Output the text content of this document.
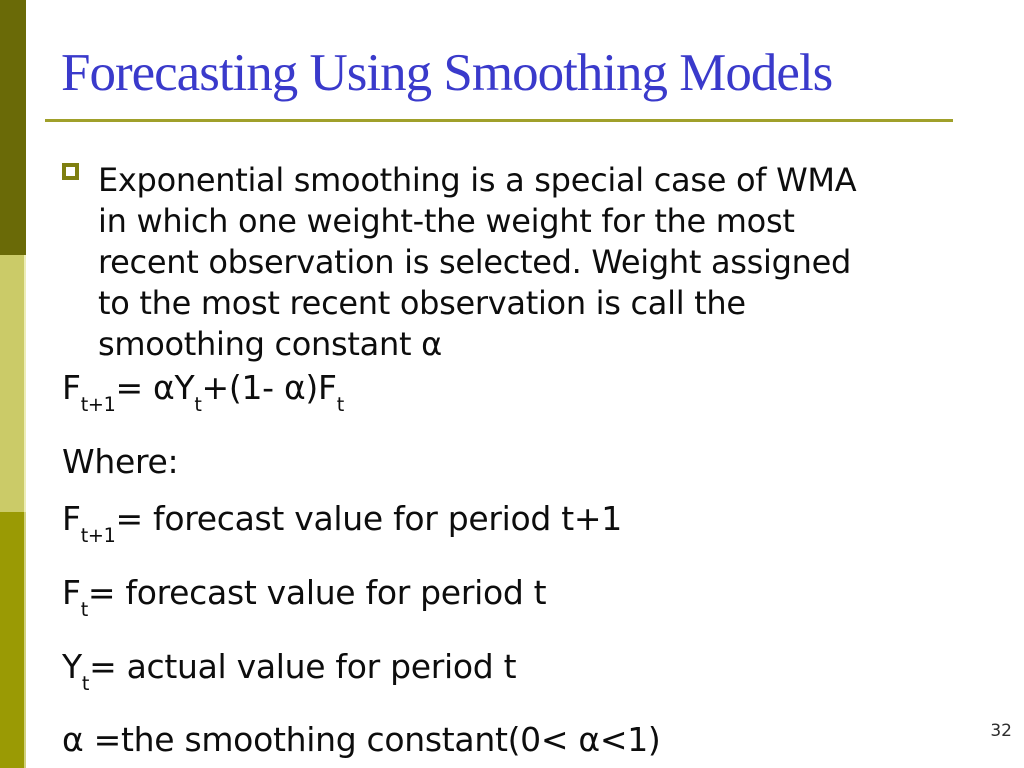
Forecasting Using Smoothing Models
Exponential smoothing is a special case of WMA
in which one weight-the weight for the most
recent observation is selected. Weight assigned
to the most recent observation is call the
smoothing constant α
$F_{t+1}= \alpha Y_t+(1-$ $\alpha)F_t$
Where:
$F_{t+1}=$ forecast value for period t+1
$F_t=$ forecast value for period t
$Y_t=$ actual value for period t
α =the smoothing constant(0< α<1)	32
